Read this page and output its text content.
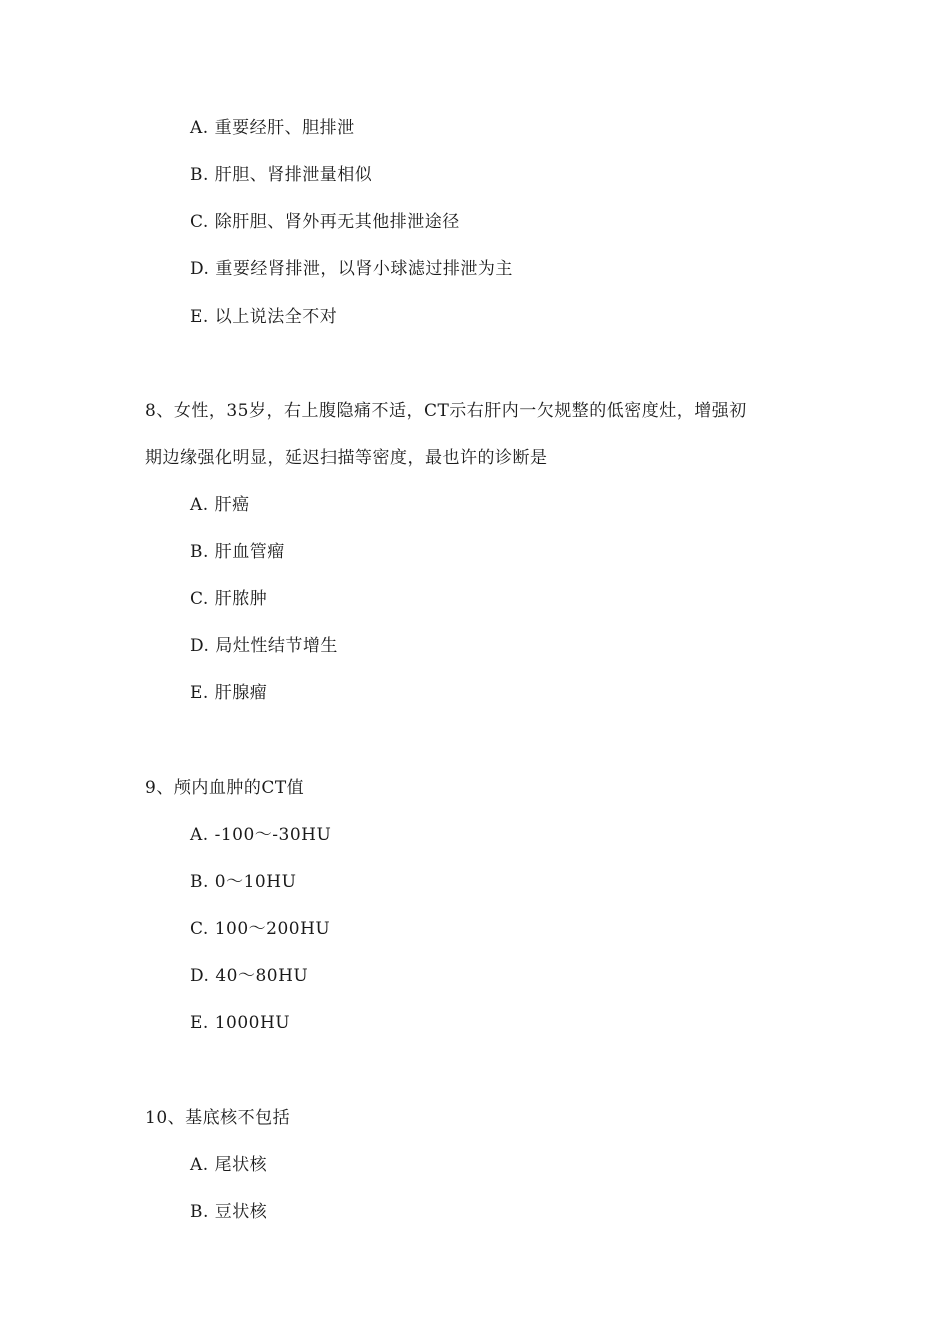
A. 重要经肝、胆排泄
B. 肝胆、肾排泄量相似
C. 除肝胆、肾外再无其他排泄途径
D. 重要经肾排泄，以肾小球滤过排泄为主
E. 以上说法全不对
8、女性，35岁，右上腹隐痛不适，CT示右肝内一欠规整的低密度灶，增强初
期边缘强化明显，延迟扫描等密度，最也许的诊断是
A. 肝癌
B. 肝血管瘤
C. 肝脓肿
D. 局灶性结节增生
E. 肝腺瘤
9、颅内血肿的CT值
A. -100～-30HU
B. 0～10HU
C. 100～200HU
D. 40～80HU
E. 1000HU
10、基底核不包括
A. 尾状核
B. 豆状核
